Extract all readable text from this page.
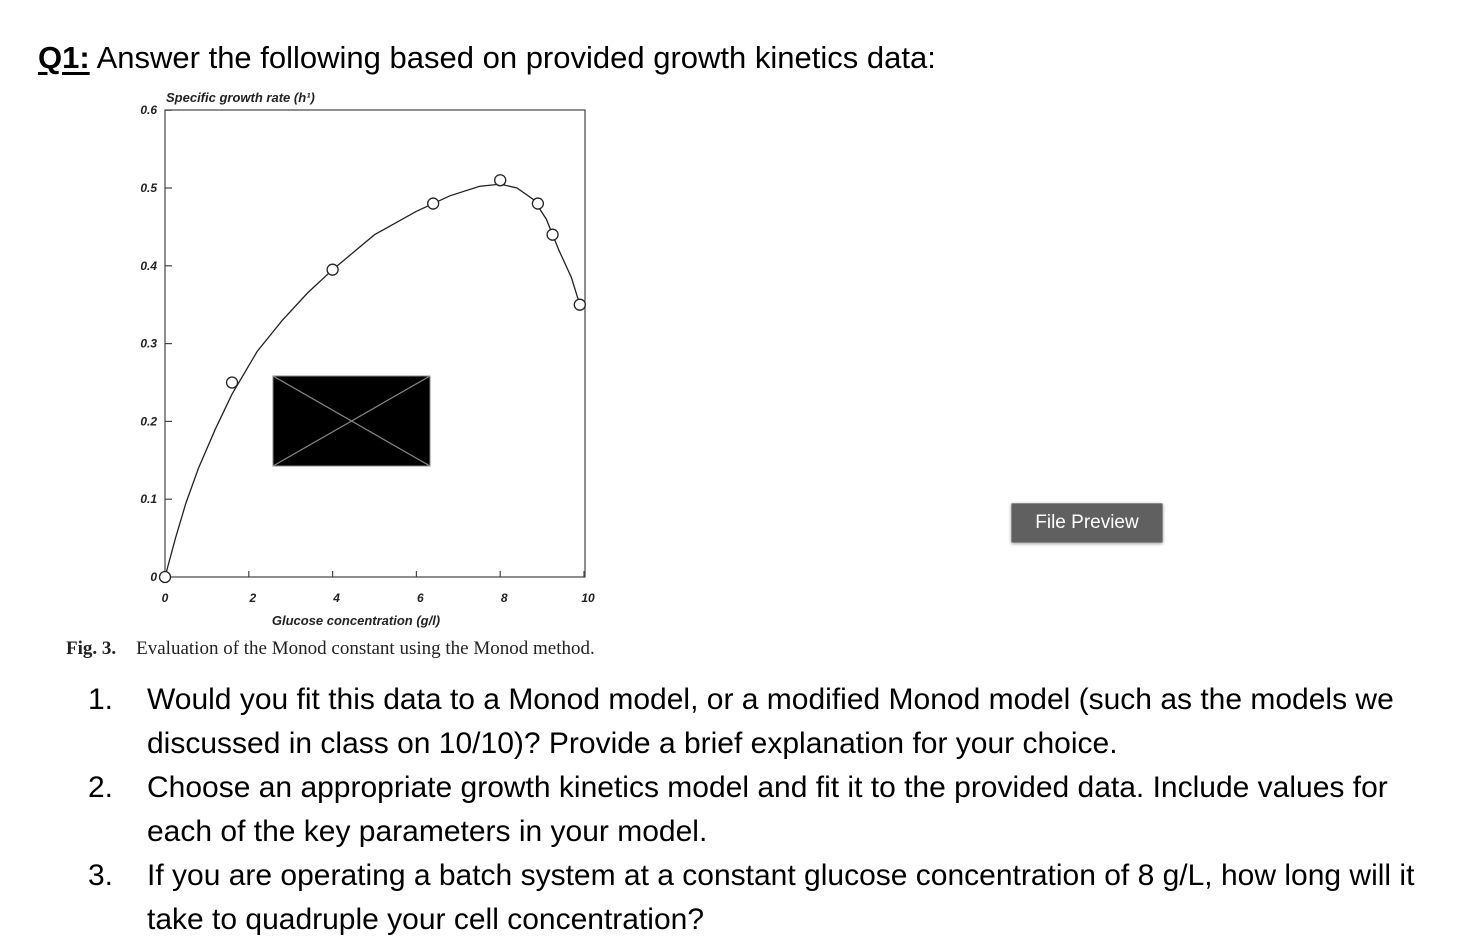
Q1: Answer the following based on provided growth kinetics data:
0.1
0.2
0.3
0.4
0.5
0.6
0
0	2	4	6	8	10
Specific growth rate (h¹)
Glucose concentration (g/l)
Fig. 3. Evaluation of the Monod constant using the Monod method.
File Preview
1. Would you fit this data to a Monod model, or a modified Monod model (such as the models we discussed in class on 10/10)? Provide a brief explanation for your choice.
2. Choose an appropriate growth kinetics model and fit it to the provided data. Include values for each of the key parameters in your model.
3. If you are operating a batch system at a constant glucose concentration of 8 g/L, how long will it take to quadruple your cell concentration?
